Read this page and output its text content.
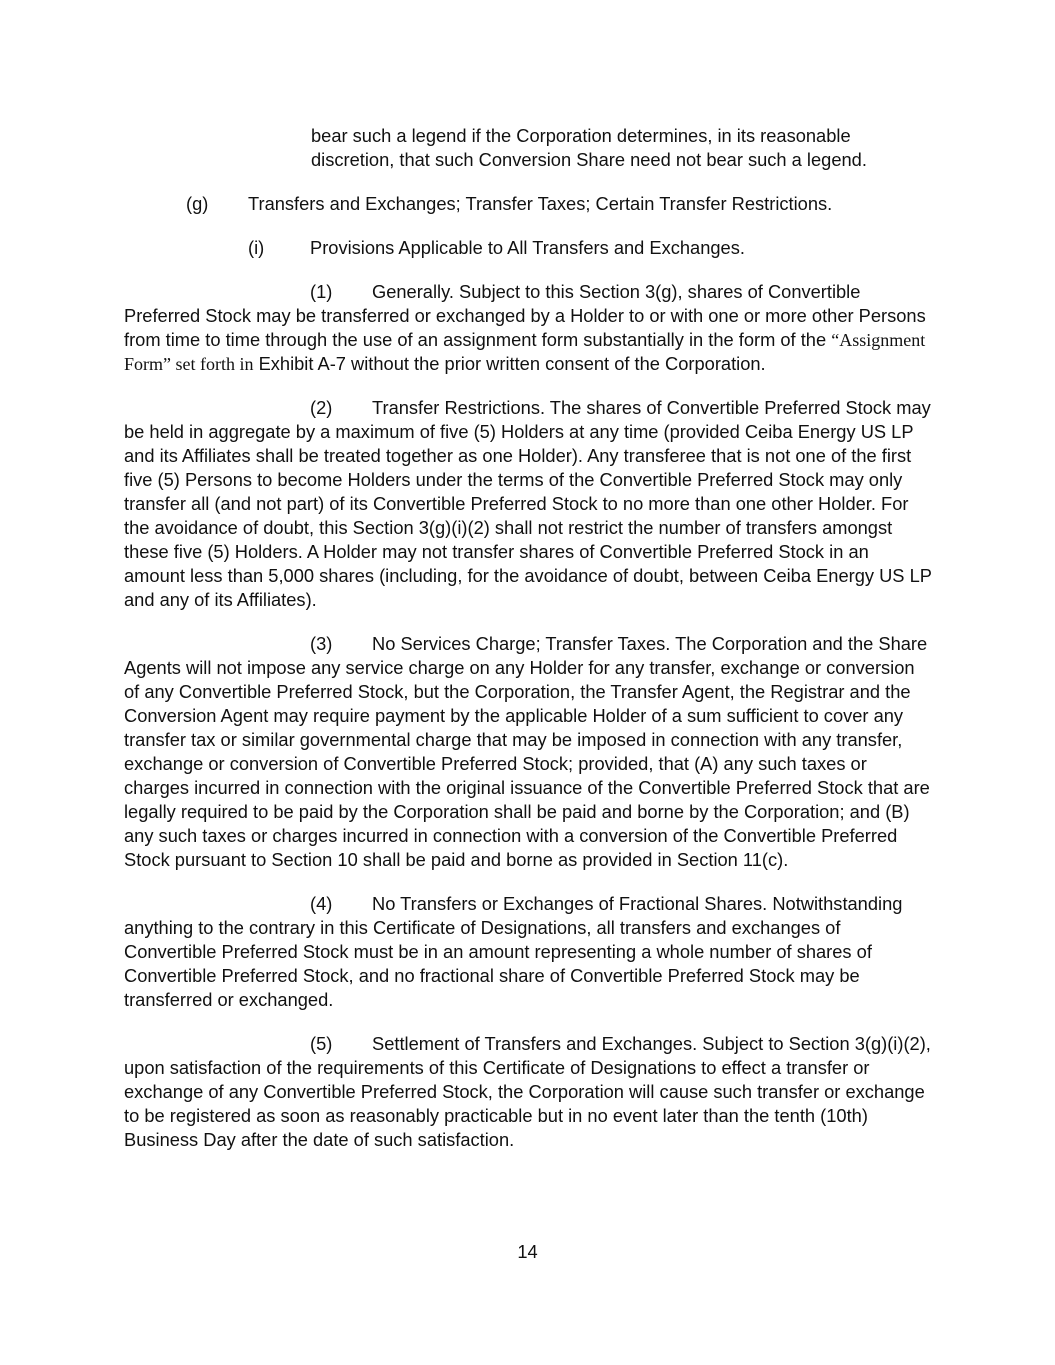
bear such a legend if the Corporation determines, in its reasonable discretion, that such Conversion Share need not bear such a legend.

(g)	Transfers and Exchanges; Transfer Taxes; Certain Transfer Restrictions.
(i)	Provisions Applicable to All Transfers and Exchanges.

(1) Generally. Subject to this Section 3(g), shares of Convertible Preferred Stock may be transferred or exchanged by a Holder to or with one or more other Persons from time to time through the use of an assignment form substantially in the form of the “Assignment Form” set forth in Exhibit A-7 without the prior written consent of the Corporation.

(2) Transfer Restrictions. The shares of Convertible Preferred Stock may be held in aggregate by a maximum of five (5) Holders at any time (provided Ceiba Energy US LP and its Affiliates shall be treated together as one Holder). Any transferee that is not one of the first five (5) Persons to become Holders under the terms of the Convertible Preferred Stock may only transfer all (and not part) of its Convertible Preferred Stock to no more than one other Holder. For the avoidance of doubt, this Section 3(g)(i)(2) shall not restrict the number of transfers amongst these five (5) Holders. A Holder may not transfer shares of Convertible Preferred Stock in an amount less than 5,000 shares (including, for the avoidance of doubt, between Ceiba Energy US LP and any of its Affiliates).

(3) No Services Charge; Transfer Taxes. The Corporation and the Share Agents will not impose any service charge on any Holder for any transfer, exchange or conversion of any Convertible Preferred Stock, but the Corporation, the Transfer Agent, the Registrar and the Conversion Agent may require payment by the applicable Holder of a sum sufficient to cover any transfer tax or similar governmental charge that may be imposed in connection with any transfer, exchange or conversion of Convertible Preferred Stock; provided, that (A) any such taxes or charges incurred in connection with the original issuance of the Convertible Preferred Stock that are legally required to be paid by the Corporation shall be paid and borne by the Corporation; and (B) any such taxes or charges incurred in connection with a conversion of the Convertible Preferred Stock pursuant to Section 10 shall be paid and borne as provided in Section 11(c).

(4) No Transfers or Exchanges of Fractional Shares. Notwithstanding anything to the contrary in this Certificate of Designations, all transfers and exchanges of Convertible Preferred Stock must be in an amount representing a whole number of shares of Convertible Preferred Stock, and no fractional share of Convertible Preferred Stock may be transferred or exchanged.

(5) Settlement of Transfers and Exchanges. Subject to Section 3(g)(i)(2), upon satisfaction of the requirements of this Certificate of Designations to effect a transfer or exchange of any Convertible Preferred Stock, the Corporation will cause such transfer or exchange to be registered as soon as reasonably practicable but in no event later than the tenth (10th) Business Day after the date of such satisfaction.

14
